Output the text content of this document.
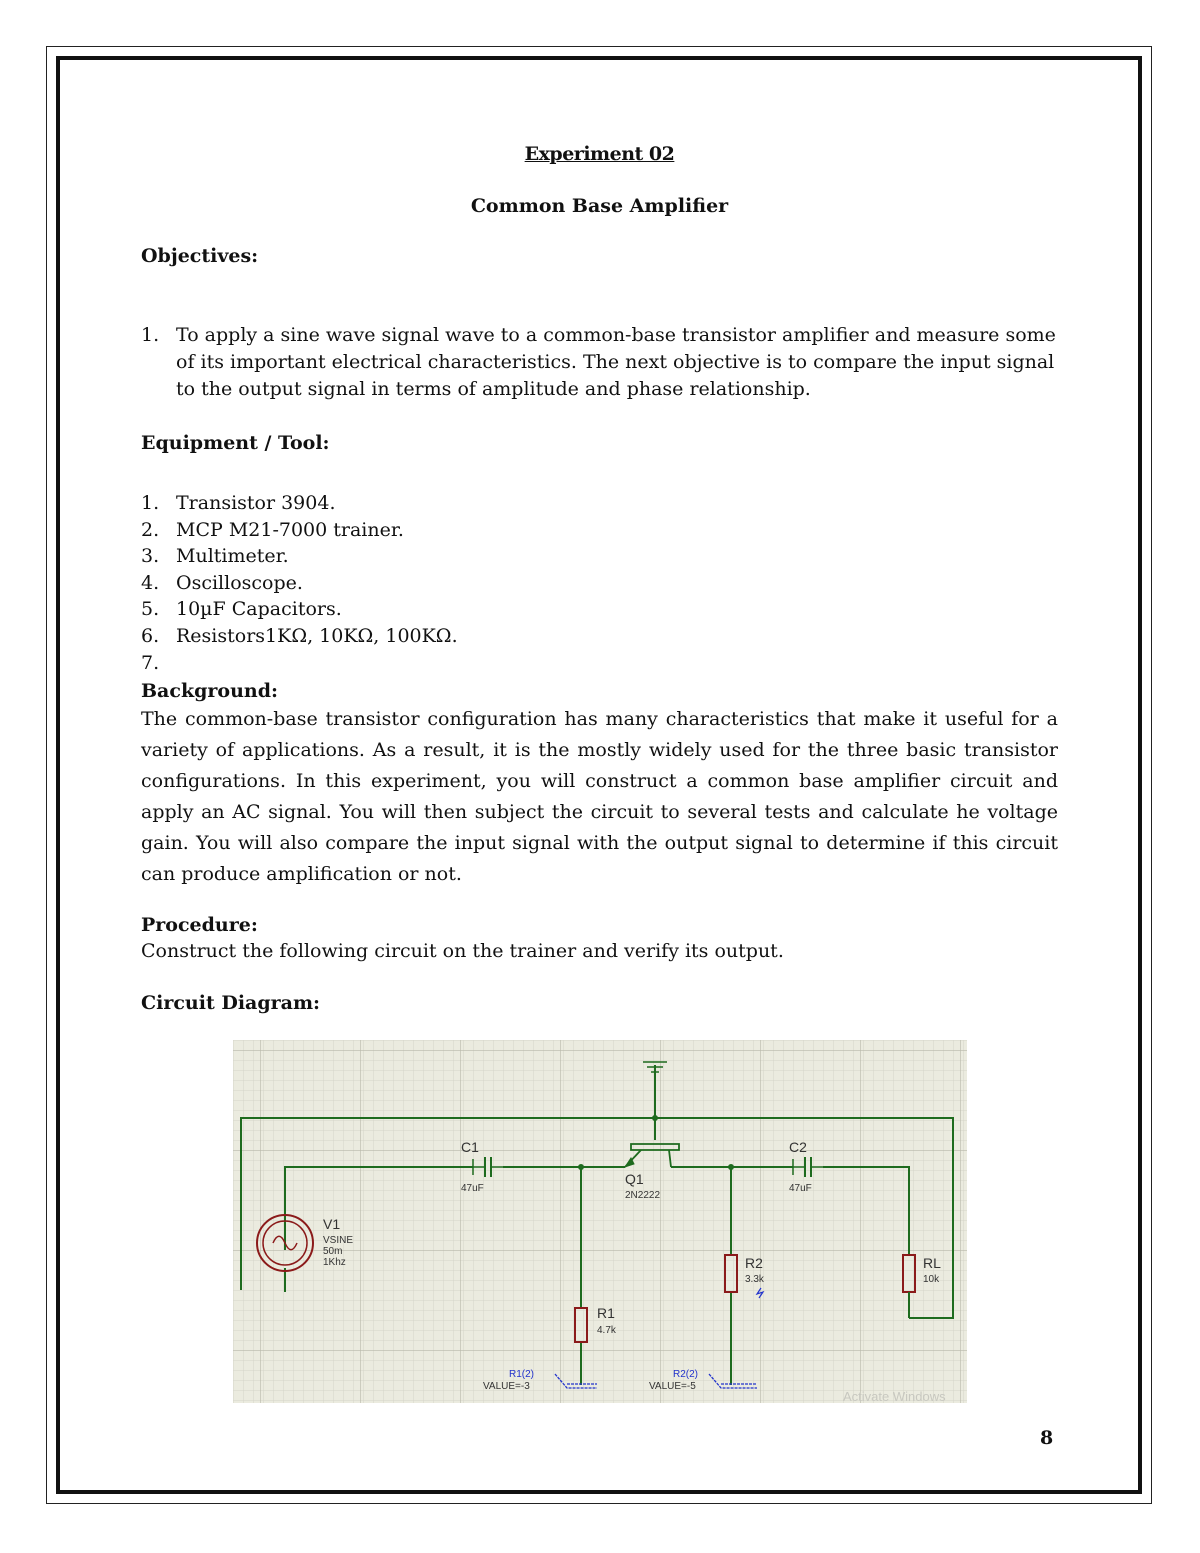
Experiment 02
Common Base Amplifier
Objectives:
1. To apply a sine wave signal wave to a common-base transistor amplifier and measure some of its important electrical characteristics. The next objective is to compare the input signal to the output signal in terms of amplitude and phase relationship.
Equipment / Tool:
1. Transistor 3904.
2. MCP M21-7000 trainer.
3. Multimeter.
4. Oscilloscope.
5. 10µF Capacitors.
6. Resistors1KΩ, 10KΩ, 100KΩ.
7.

Background:
The common-base transistor configuration has many characteristics that make it useful for a variety of applications. As a result, it is the mostly widely used for the three basic transistor configurations. In this experiment, you will construct a common base amplifier circuit and apply an AC signal. You will then subject the circuit to several tests and calculate he voltage gain. You will also compare the input signal with the output signal to determine if this circuit can produce amplification or not.
Procedure:
Construct the following circuit on the trainer and verify its output.
Circuit Diagram:
C1
47uF
Q1
2N2222
C2
47uF
V1
VSINE
50m
1Khz
R1
4.7k
R2
3.3k
RL
10k
R1(2)
VALUE=-3
R2(2)
VALUE=-5
Activate Windows
8
